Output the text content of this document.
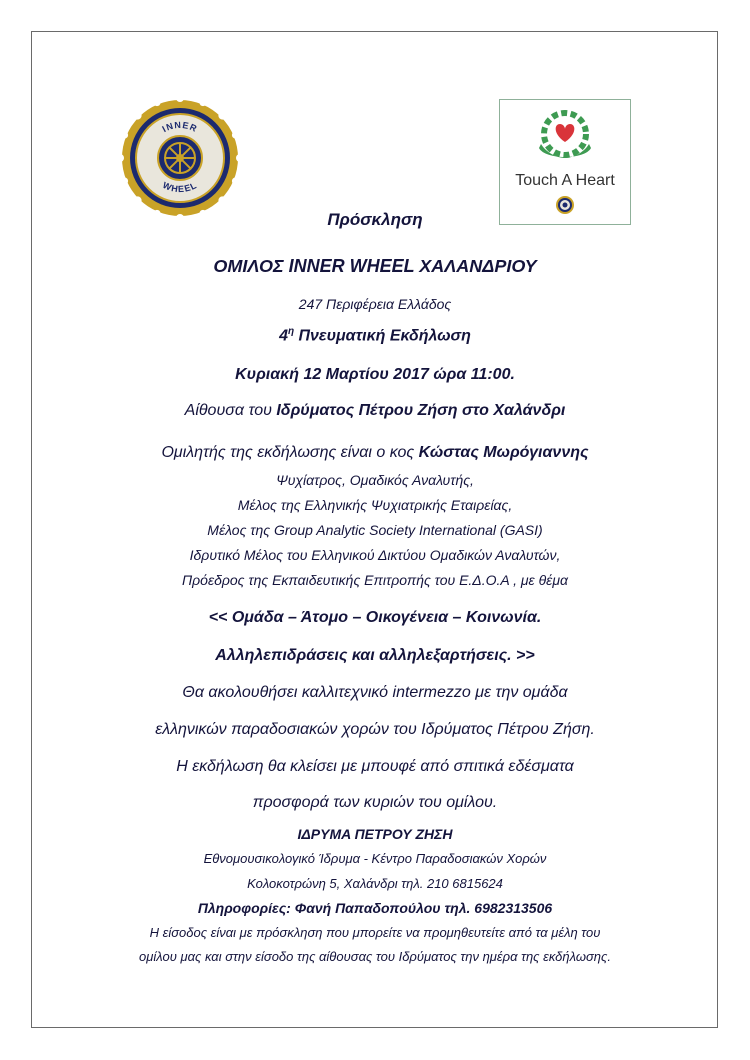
INNER
WHEEL	Touch A Heart
Πρόσκληση
ΟΜΙΛΟΣ INNER WHEEL ΧΑΛΑΝΔΡΙΟΥ
247 Περιφέρεια Ελλάδος
$4^\eta$ Πνευματική Εκδήλωση
Κυριακή 12 Μαρτίου 2017 ώρα 11:00.
Αίθουσα του Ιδρύματος Πέτρου Ζήση στο Χαλάνδρι
Ομιλητής της εκδήλωσης είναι ο κος Κώστας Μωρόγιαννης
Ψυχίατρος, Ομαδικός Αναλυτής,
Μέλος της Ελληνικής Ψυχιατρικής Εταιρείας,
Μέλος της Group Analytic Society International (GASI)
Ιδρυτικό Μέλος του Ελληνικού Δικτύου Ομαδικών Αναλυτών,
Πρόεδρος της Εκπαιδευτικής Επιτροπής του Ε.Δ.Ο.Α , με θέμα
<< Ομάδα – Άτομο – Οικογένεια – Κοινωνία.
Αλληλεπιδράσεις και αλληλεξαρτήσεις. >>
Θα ακολουθήσει καλλιτεχνικό intermezzo με την ομάδα
ελληνικών παραδοσιακών χορών του Ιδρύματος Πέτρου Ζήση.
Η εκδήλωση θα κλείσει με μπουφέ από σπιτικά εδέσματα
προσφορά των κυριών του ομίλου.
ΙΔΡΥΜΑ ΠΕΤΡΟΥ ΖΗΣΗ
Εθνομουσικολογικό Ίδρυμα - Κέντρο Παραδοσιακών Χορών
Κολοκοτρώνη 5, Χαλάνδρι τηλ. 210 6815624
Πληροφορίες: Φανή Παπαδοπούλου τηλ. 6982313506
Η είσοδος είναι με πρόσκληση που μπορείτε να προμηθευτείτε από τα μέλη του
ομίλου μας και στην είσοδο της αίθουσας του Ιδρύματος την ημέρα της εκδήλωσης.
